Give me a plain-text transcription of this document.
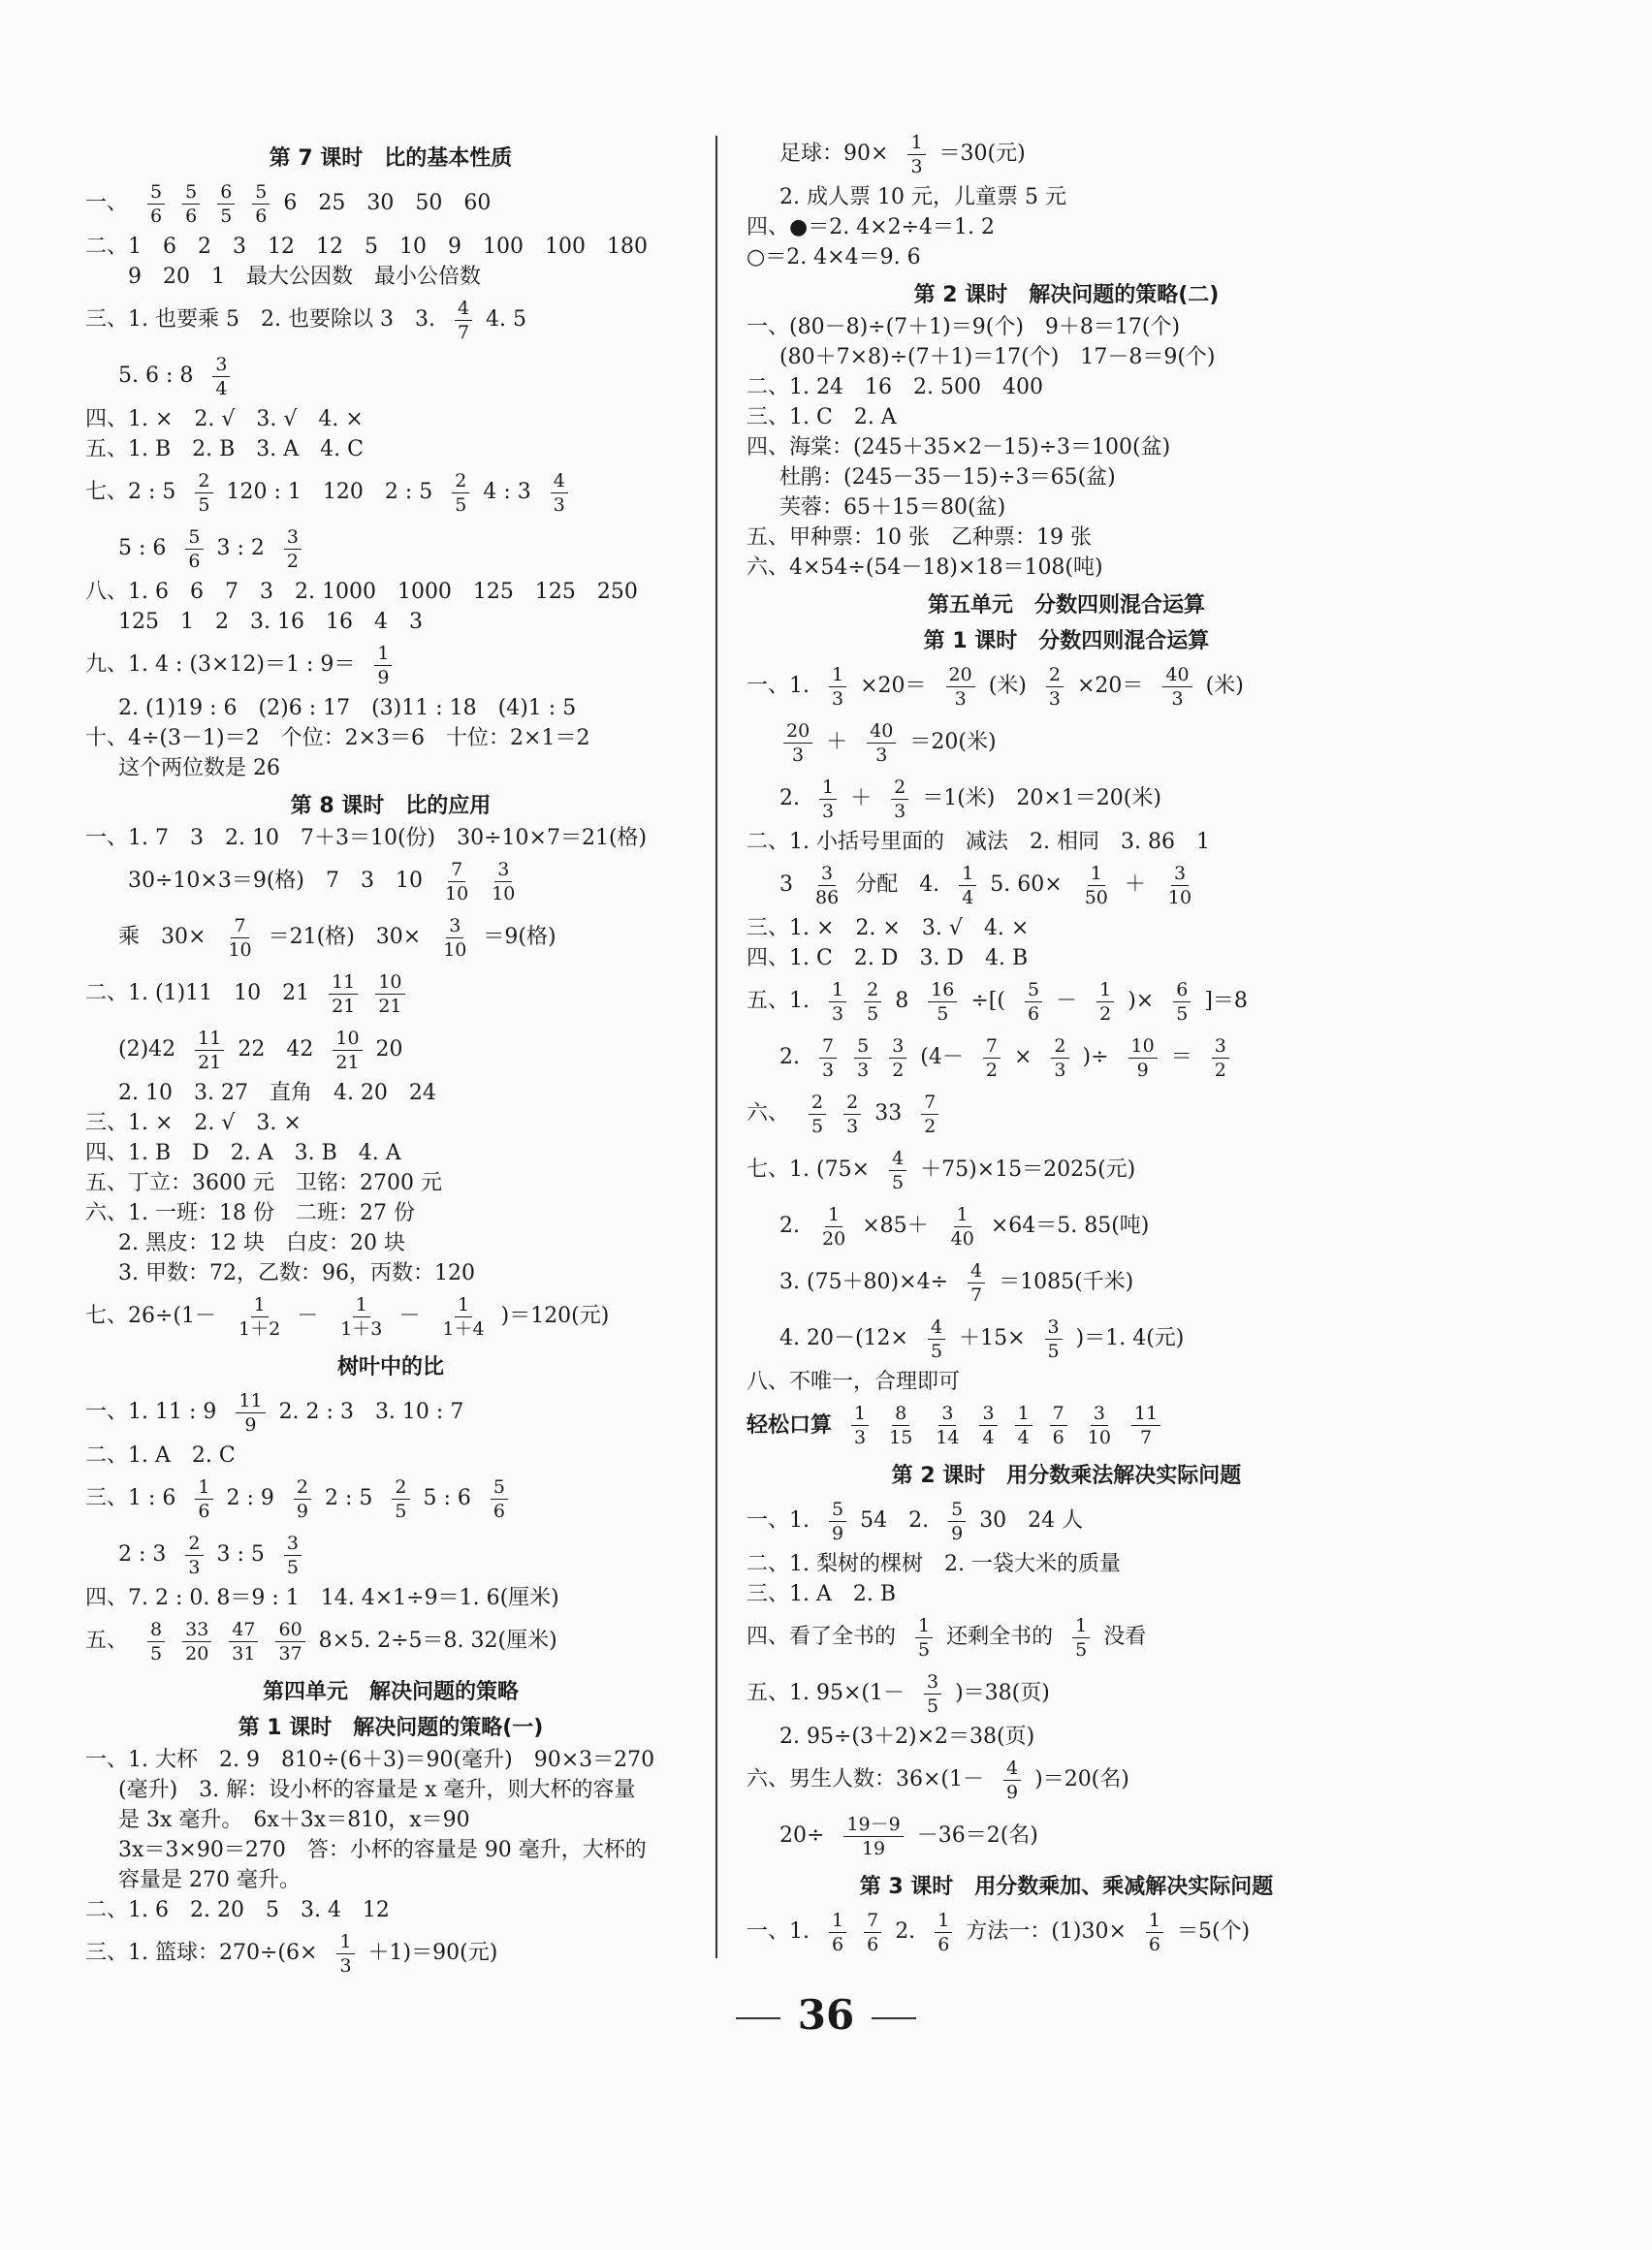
第 7 课时　比的基本性质
一、 $\frac{5}{6} \frac{5}{6} \frac{6}{5} \frac{5}{6} 6$　25　30　50　60
二、1　6　2　3　12　12　5　10　9　100　100　180
9　20　1　最大公因数　最小公倍数
三、1. 也要乘 5　2. 也要除以 3　3. $\frac{4}{7} 4$. 5
5. 6 : $8 \frac{3}{4}$
四、1. ×　2. √　3. √　4. ×
五、1. B　2. B　3. A　4. C
七、2 : $5 \frac{2}{5} 120$ : 1　120　2 : $5 \frac{2}{5} 4$ : $3 \frac{4}{3}$
5 : $6 \frac{5}{6} 3$ : $2 \frac{3}{2}$
八、1. 6　6　7　3　2. 1000　1000　125　125　250
125　1　2　3. 16　16　4　3
九、1. 4 : (3×12)＝1 : $9= \frac{1}{9}$
2. (1)19 : 6　(2)6 : 17　(3)11 : 18　(4)1 : 5
十、4÷(3－1)＝2　个位：2×3＝6　十位：2×1＝2
这个两位数是 26
第 8 课时　比的应用
一、1. 7　3　2. 10　7＋3＝10(份)　30÷10×7＝21(格)
30÷10×3＝9(格)　7　3　$10 \frac{7}{10} \frac{3}{10}$
乘　$30\times \frac{7}{10} =21$(格)　$30\times \frac{3}{10} =9$(格)
二、1. (1)11　10　$21 \frac{11}{21} \frac{10}{21}$
$(2)42 \frac{11}{21} 22$　$42 \frac{10}{21} 20$
2. 10　3. 27　直角　4. 20　24
三、1. ×　2. √　3. ×
四、1. B　D　2. A　3. B　4. A
五、丁立：3600 元　卫铭：2700 元
六、1. 一班：18 份　二班：27 份
2. 黑皮：12 块　白皮：20 块
3. 甲数：72，乙数：96，丙数：120
七、$26\div(1- \frac{1}{1+2} - \frac{1}{1+3} - \frac{1}{1+4} )=120$(元)
树叶中的比
一、1. 11 : $9 \frac{11}{9} 2$. 2 : 3　3. 10 : 7
二、1. A　2. C
三、1 : $6 \frac{1}{6} 2$ : $9 \frac{2}{9} 2$ : $5 \frac{2}{5} 5$ : $6 \frac{5}{6}$
2 : $3 \frac{2}{3} 3$ : $5 \frac{3}{5}$
四、7. 2 : 0. 8＝9 : 1　14. 4×1÷9＝1. 6(厘米)
五、 $\frac{8}{5} \frac{33}{20} \frac{47}{31} \frac{60}{37} 8\times 5$. 2÷5＝8. 32(厘米)
第四单元　解决问题的策略
第 1 课时　解决问题的策略(一)
一、1. 大杯　2. 9　810÷(6＋3)＝90(毫升)　90×3＝270
(毫升)　3. 解：设小杯的容量是 x 毫升，则大杯的容量
是 3x 毫升。　6x＋3x＝810，x＝90
3x＝3×90＝270　答：小杯的容量是 90 毫升，大杯的
容量是 270 毫升。
二、1. 6　2. 20　5　3. 4　12
三、1. 篮球：$270\div(6\times \frac{1}{3} +1)=90$(元)
足球：$90\times \frac{1}{3} =30$(元)
2. 成人票 10 元，儿童票 5 元
四、●＝2. 4×2÷4＝1. 2
○＝2. 4×4＝9. 6
第 2 课时　解决问题的策略(二)
一、(80－8)÷(7＋1)＝9(个)　9＋8＝17(个)
(80＋7×8)÷(7＋1)＝17(个)　17－8＝9(个)
二、1. 24　16　2. 500　400
三、1. C　2. A
四、海棠：(245＋35×2－15)÷3＝100(盆)
杜鹃：(245－35－15)÷3＝65(盆)
芙蓉：65＋15＝80(盆)
五、甲种票：10 张　乙种票：19 张
六、4×54÷(54－18)×18＝108(吨)
第五单元　分数四则混合运算
第 1 课时　分数四则混合运算
一、1. $\frac{1}{3} \times 20= \frac{20}{3}$ (米) $\frac{2}{3} \times 20= \frac{40}{3}$ (米)
$\frac{20}{3} + \frac{40}{3} =20$(米)
2. $\frac{1}{3} + \frac{2}{3} =1$(米)　20×1＝20(米)
二、1. 小括号里面的　减法　2. 相同　3. 86　1
$3 \frac{3}{86}$ 分配　4. $\frac{1}{4} 5$. $60\times \frac{1}{50} + \frac{3}{10}$
三、1. ×　2. ×　3. √　4. ×
四、1. C　2. D　3. D　4. B
五、1. $\frac{1}{3} \frac{2}{5} 8 \frac{16}{5}$ ÷[( $\frac{5}{6} - \frac{1}{2}$ )× $\frac{6}{5} ]=8$
2. $\frac{7}{3} \frac{5}{3} \frac{3}{2} (4- \frac{7}{2} \times \frac{2}{3}$ )÷ $\frac{10}{9} = \frac{3}{2}$
六、 $\frac{2}{5} \frac{2}{3} 33 \frac{7}{2}$
七、1. $(75\times \frac{4}{5} +75)\times 15=2025$(元)
2. $\frac{1}{20} \times 85+ \frac{1}{40} \times 64=5$. 85(吨)
3. $(75+80)\times 4\div \frac{4}{7} =1085$(千米)
4. $20-(12\times \frac{4}{5} +15\times \frac{3}{5} )=1$. 4(元)
八、不唯一，合理即可
轻松口算 $\frac{1}{3} \frac{8}{15} \frac{3}{14} \frac{3}{4} \frac{1}{4} \frac{7}{6} \frac{3}{10} \frac{11}{7}$
第 2 课时　用分数乘法解决实际问题
一、1. $\frac{5}{9} 54$　2. $\frac{5}{9} 30$　24 人
二、1. 梨树的棵树　2. 一袋大米的质量
三、1. A　2. B
四、看了全书的 $\frac{1}{5}$ 还剩全书的 $\frac{1}{5}$ 没看
五、1. $95\times(1- \frac{3}{5} )=38$(页)
2. 95÷(3＋2)×2＝38(页)
六、男生人数：$36\times(1- \frac{4}{9} )=20$(名)
$20\div \frac{19-9}{19} -36=2$(名)
第 3 课时　用分数乘加、乘减解决实际问题
一、1. $\frac{1}{6} \frac{7}{6} 2$. $\frac{1}{6}$ 方法一：$(1)30\times \frac{1}{6} =5$(个)
36
